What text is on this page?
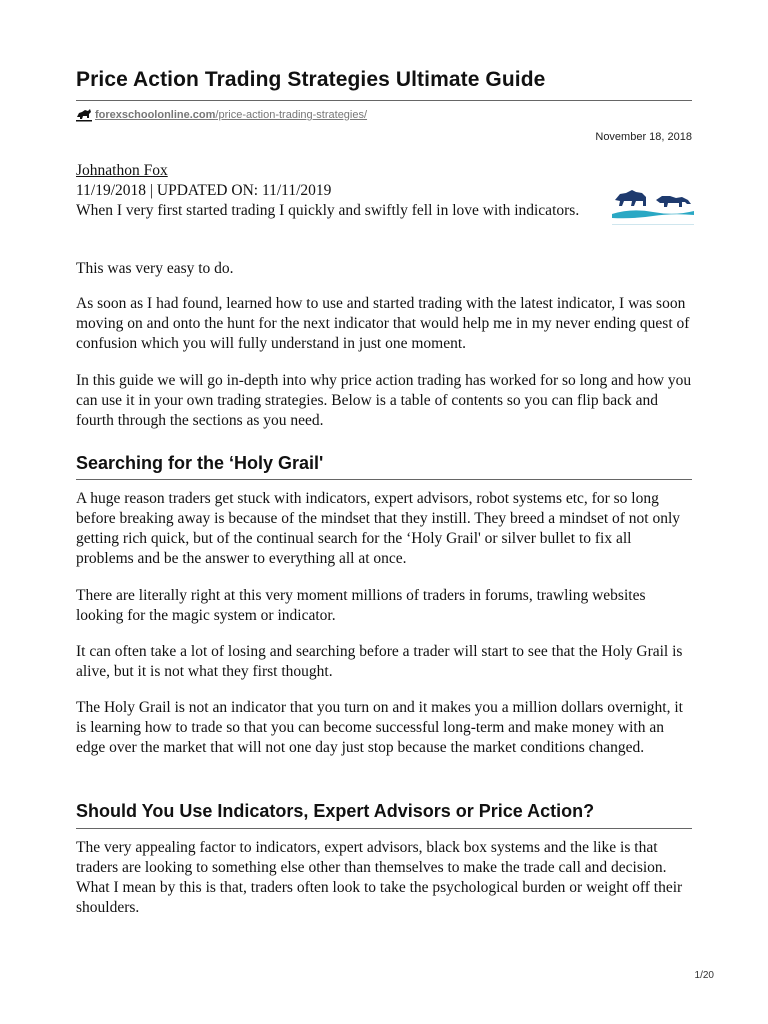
Price Action Trading Strategies Ultimate Guide
forexschoolonline.com /price-action-trading-strategies/
November 18, 2018
Johnathon Fox
11/19/2018 | UPDATED ON: 11/11/2019
When I very first started trading I quickly and swiftly fell in love with indicators.

This was very easy to do.

As soon as I had found, learned how to use and started trading with the latest indicator, I was soon moving on and onto the hunt for the next indicator that would help me in my never ending quest of confusion which you will fully understand in just one moment.

In this guide we will go in-depth into why price action trading has worked for so long and how you can use it in your own trading strategies. Below is a table of contents so you can flip back and fourth through the sections as you need.

Searching for the ‘Holy Grail'

A huge reason traders get stuck with indicators, expert advisors, robot systems etc, for so long before breaking away is because of the mindset that they instill. They breed a mindset of not only getting rich quick, but of the continual search for the ‘Holy Grail' or silver bullet to fix all problems and be the answer to everything all at once.

There are literally right at this very moment millions of traders in forums, trawling websites looking for the magic system or indicator.

It can often take a lot of losing and searching before a trader will start to see that the Holy Grail is alive, but it is not what they first thought.

The Holy Grail is not an indicator that you turn on and it makes you a million dollars overnight, it is learning how to trade so that you can become successful long-term and make money with an edge over the market that will not one day just stop because the market conditions changed.

Should You Use Indicators, Expert Advisors or Price Action?

The very appealing factor to indicators, expert advisors, black box systems and the like is that traders are looking to something else other than themselves to make the trade call and decision. What I mean by this is that, traders often look to take the psychological burden or weight off their shoulders.

1/20
